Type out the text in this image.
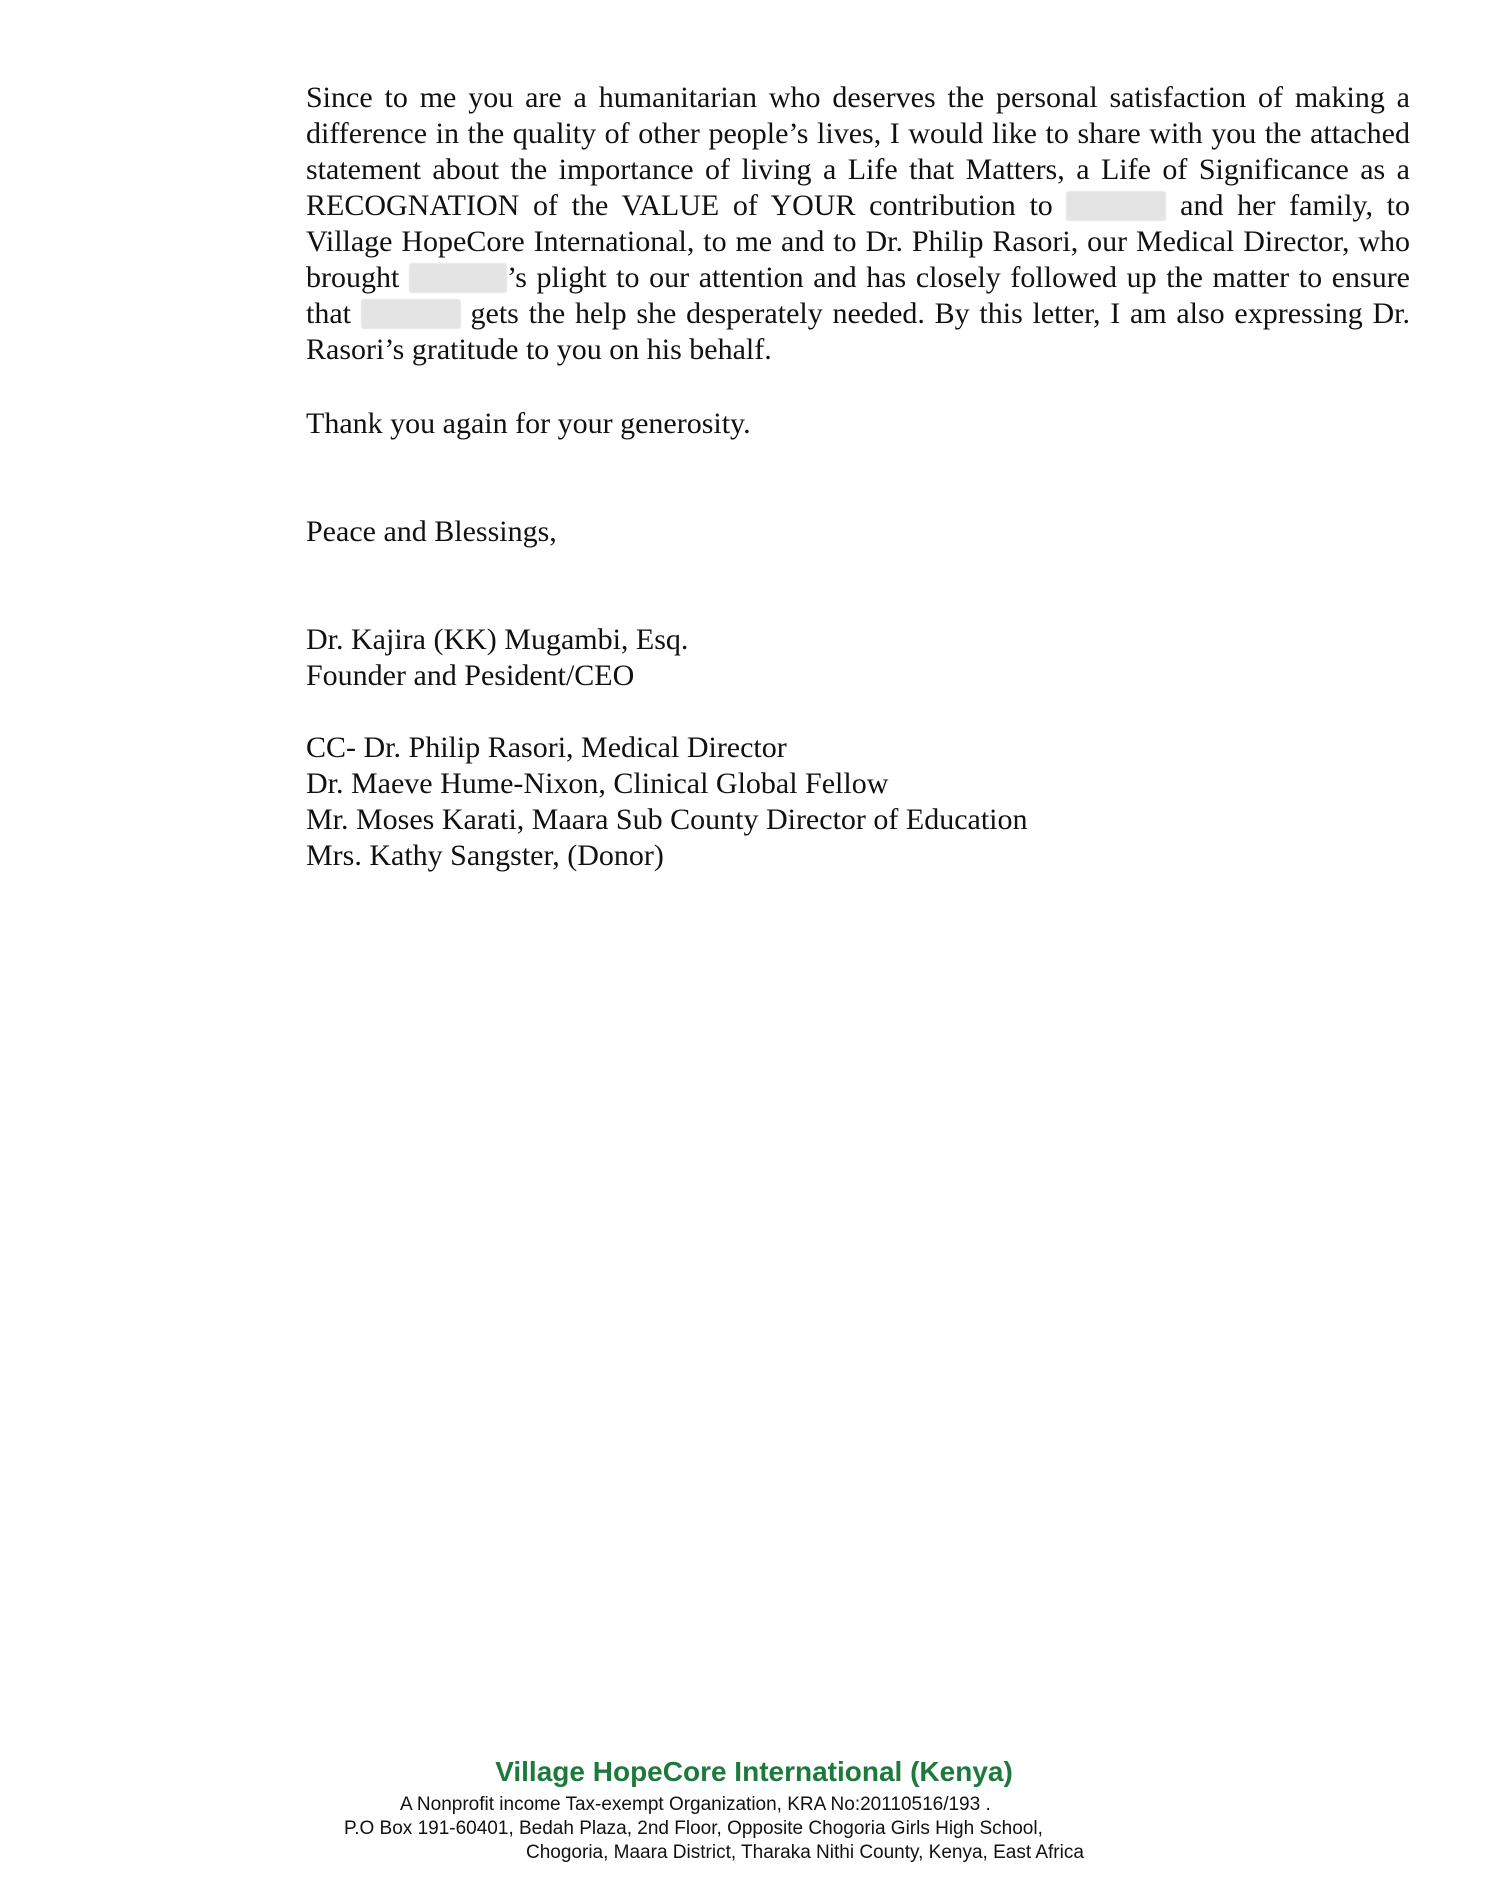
Since to me you are a humanitarian who deserves the personal satisfaction of making a difference in the quality of other people’s lives, I would like to share with you the attached statement about the importance of living a Life that Matters, a Life of Significance as a RECOGNATION of the VALUE of YOUR contribution to	and her family, to Village HopeCore International, to me and to Dr. Philip Rasori, our Medical Director, who brought	’s plight to our attention and has closely followed up the matter to ensure that	gets the help she desperately needed. By this letter, I am also expressing Dr. Rasori’s gratitude to you on his behalf.

Thank you again for your generosity.
Peace and Blessings,

Dr. Kajira (KK) Mugambi, Esq.

Founder and Pesident/CEO

CC- Dr. Philip Rasori, Medical Director

Dr. Maeve Hume-Nixon, Clinical Global Fellow

Mr. Moses Karati, Maara Sub County Director of Education

Mrs. Kathy Sangster, (Donor)

Village HopeCore International (Kenya)
A Nonprofit income Tax-exempt Organization, KRA No:20110516/193 .
P.O Box 191-60401, Bedah Plaza, 2nd Floor, Opposite Chogoria Girls High School,
Chogoria, Maara District, Tharaka Nithi County, Kenya, East Africa
